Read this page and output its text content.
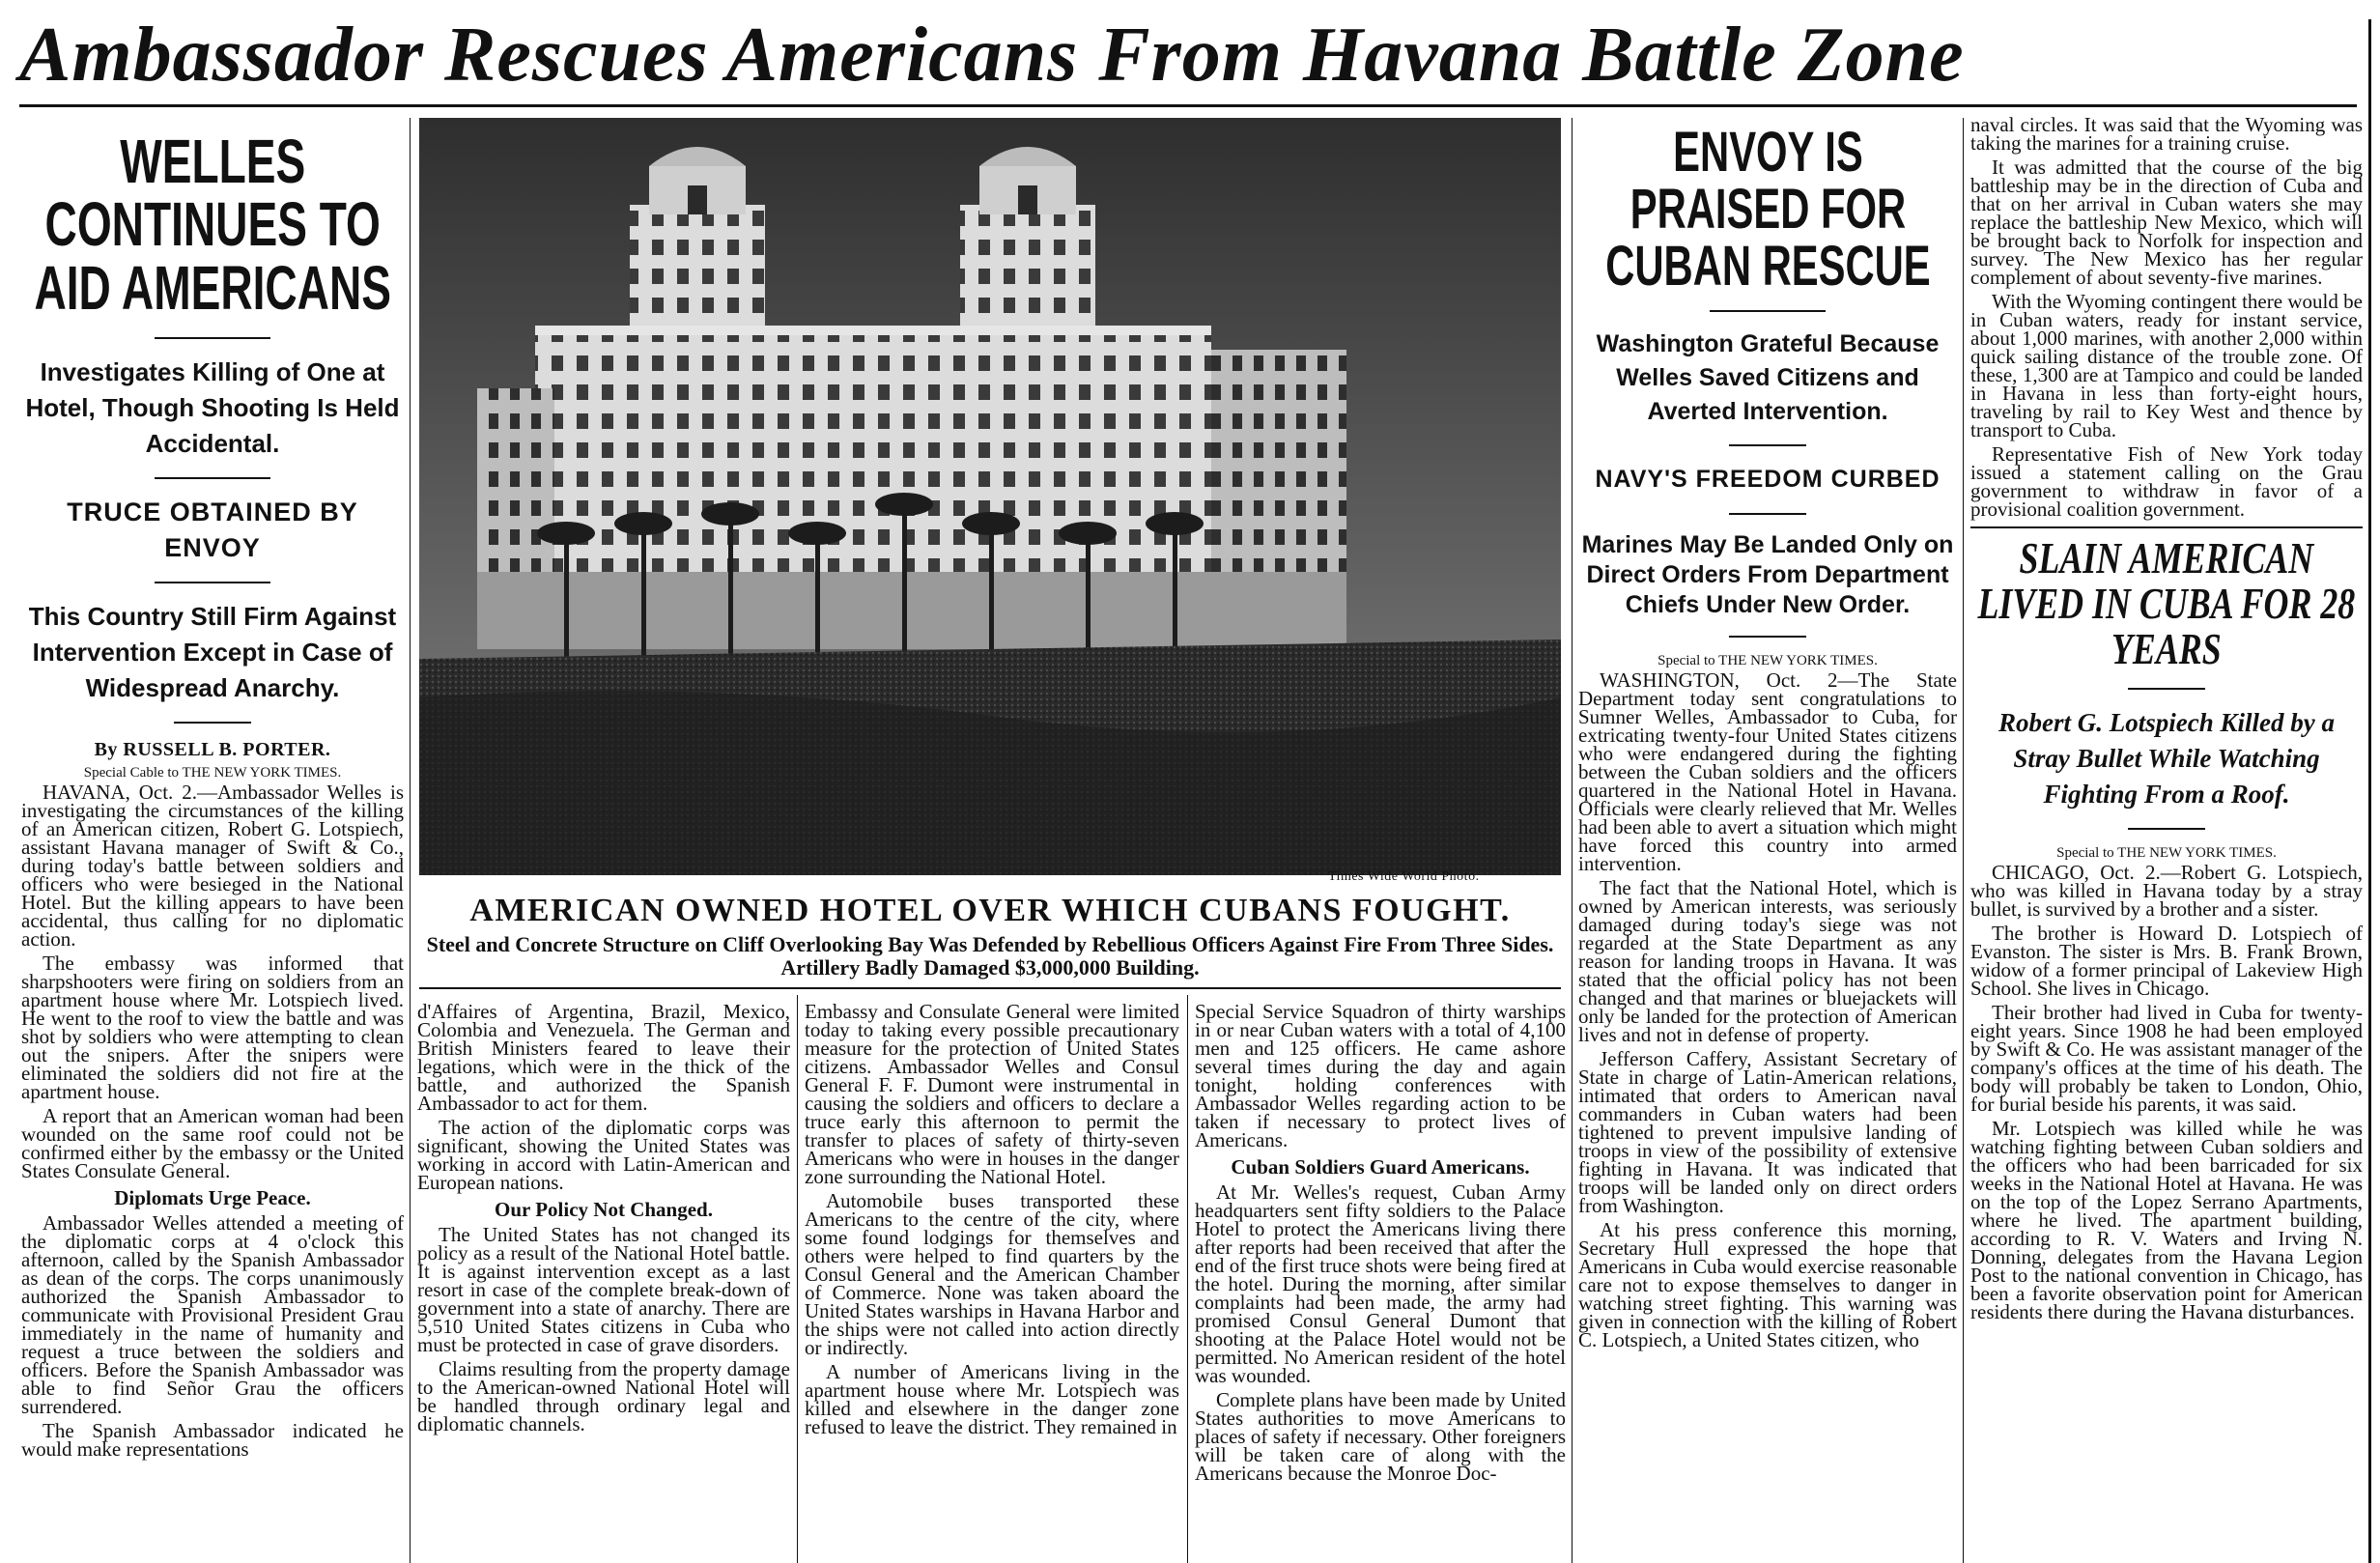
Ambassador Rescues Americans From Havana Battle Zone
WELLES CONTINUES TO AID AMERICANS
Investigates Killing of One at Hotel, Though Shooting Is Held Accidental.
TRUCE OBTAINED BY ENVOY
This Country Still Firm Against Intervention Except in Case of Widespread Anarchy.
By RUSSELL B. PORTER.
Special Cable to THE NEW YORK TIMES.

HAVANA, Oct. 2.—Ambassador Welles is investigating the circumstances of the killing of an American citizen, Robert G. Lotspiech, assistant Havana manager of Swift & Co., during today's battle between soldiers and officers who were besieged in the National Hotel. But the killing appears to have been accidental, thus calling for no diplomatic action.

The embassy was informed that sharpshooters were firing on soldiers from an apartment house where Mr. Lotspiech lived. He went to the roof to view the battle and was shot by soldiers who were attempting to clean out the snipers. After the snipers were eliminated the soldiers did not fire at the apartment house.

A report that an American woman had been wounded on the same roof could not be confirmed either by the embassy or the United States Consulate General.

Diplomats Urge Peace.

Ambassador Welles attended a meeting of the diplomatic corps at 4 o'clock this afternoon, called by the Spanish Ambassador as dean of the corps. The corps unanimously authorized the Spanish Ambassador to communicate with Provisional President Grau immediately in the name of humanity and request a truce between the soldiers and officers. Before the Spanish Ambassador was able to find Señor Grau the officers surrendered.

The Spanish Ambassador indicated he would make representations

Times Wide World Photo.
AMERICAN OWNED HOTEL OVER WHICH CUBANS FOUGHT.
Steel and Concrete Structure on Cliff Overlooking Bay Was Defended by Rebellious Officers Against Fire From Three Sides. Artillery Badly Damaged $3,000,000 Building.

d'Affaires of Argentina, Brazil, Mexico, Colombia and Venezuela. The German and British Ministers feared to leave their legations, which were in the thick of the battle, and authorized the Spanish Ambassador to act for them.

The action of the diplomatic corps was significant, showing the United States was working in accord with Latin-American and European nations.

Our Policy Not Changed.

The United States has not changed its policy as a result of the National Hotel battle. It is against intervention except as a last resort in case of the complete break-down of government into a state of anarchy. There are 5,510 United States citizens in Cuba who must be protected in case of grave disorders.

Claims resulting from the property damage to the American-owned National Hotel will be handled through ordinary legal and diplomatic channels.

Embassy and Consulate General were limited today to taking every possible precautionary measure for the protection of United States citizens. Ambassador Welles and Consul General F. F. Dumont were instrumental in causing the soldiers and officers to declare a truce early this afternoon to permit the transfer to places of safety of thirty-seven Americans who were in houses in the danger zone surrounding the National Hotel.

Automobile buses transported these Americans to the centre of the city, where some found lodgings for themselves and others were helped to find quarters by the Consul General and the American Chamber of Commerce. None was taken aboard the United States warships in Havana Harbor and the ships were not called into action directly or indirectly.

A number of Americans living in the apartment house where Mr. Lotspiech was killed and elsewhere in the danger zone refused to leave the district. They remained in

Special Service Squadron of thirty warships in or near Cuban waters with a total of 4,100 men and 125 officers. He came ashore several times during the day and again tonight, holding conferences with Ambassador Welles regarding action to be taken if necessary to protect lives of Americans.

Cuban Soldiers Guard Americans.

At Mr. Welles's request, Cuban Army headquarters sent fifty soldiers to the Palace Hotel to protect the Americans living there after reports had been received that after the end of the first truce shots were being fired at the hotel. During the morning, after similar complaints had been made, the army had promised Consul General Dumont that shooting at the Palace Hotel would not be permitted. No American resident of the hotel was wounded.

Complete plans have been made by United States authorities to move Americans to places of safety if necessary. Other foreigners will be taken care of along with the Americans because the Monroe Doc-

ENVOY IS PRAISED FOR CUBAN RESCUE
Washington Grateful Because Welles Saved Citizens and Averted Intervention.
NAVY'S FREEDOM CURBED
Marines May Be Landed Only on Direct Orders From Department Chiefs Under New Order.
Special to THE NEW YORK TIMES.

WASHINGTON, Oct. 2—The State Department today sent congratulations to Sumner Welles, Ambassador to Cuba, for extricating twenty-four United States citizens who were endangered during the fighting between the Cuban soldiers and the officers quartered in the National Hotel in Havana. Officials were clearly relieved that Mr. Welles had been able to avert a situation which might have forced this country into armed intervention.

The fact that the National Hotel, which is owned by American interests, was seriously damaged during today's siege was not regarded at the State Department as any reason for landing troops in Havana. It was stated that the official policy has not been changed and that marines or bluejackets will only be landed for the protection of American lives and not in defense of property.

Jefferson Caffery, Assistant Secretary of State in charge of Latin-American relations, intimated that orders to American naval commanders in Cuban waters had been tightened to prevent impulsive landing of troops in view of the possibility of extensive fighting in Havana. It was indicated that troops will be landed only on direct orders from Washington.

At his press conference this morning, Secretary Hull expressed the hope that Americans in Cuba would exercise reasonable care not to expose themselves to danger in watching street fighting. This warning was given in connection with the killing of Robert C. Lotspiech, a United States citizen, who

naval circles. It was said that the Wyoming was taking the marines for a training cruise.

It was admitted that the course of the big battleship may be in the direction of Cuba and that on her arrival in Cuban waters she may replace the battleship New Mexico, which will be brought back to Norfolk for inspection and survey. The New Mexico has her regular complement of about seventy-five marines.

With the Wyoming contingent there would be in Cuban waters, ready for instant service, about 1,000 marines, with another 2,000 within quick sailing distance of the trouble zone. Of these, 1,300 are at Tampico and could be landed in Havana in less than forty-eight hours, traveling by rail to Key West and thence by transport to Cuba.

Representative Fish of New York today issued a statement calling on the Grau government to withdraw in favor of a provisional coalition government.

SLAIN AMERICAN LIVED IN CUBA FOR 28 YEARS
Robert G. Lotspiech Killed by a Stray Bullet While Watching Fighting From a Roof.
Special to THE NEW YORK TIMES.

CHICAGO, Oct. 2.—Robert G. Lotspiech, who was killed in Havana today by a stray bullet, is survived by a brother and a sister.

The brother is Howard D. Lotspiech of Evanston. The sister is Mrs. B. Frank Brown, widow of a former principal of Lakeview High School. She lives in Chicago.

Their brother had lived in Cuba for twenty-eight years. Since 1908 he had been employed by Swift & Co. He was assistant manager of the company's offices at the time of his death. The body will probably be taken to London, Ohio, for burial beside his parents, it was said.

Mr. Lotspiech was killed while he was watching fighting between Cuban soldiers and the officers who had been barricaded for six weeks in the National Hotel at Havana. He was on the top of the Lopez Serrano Apartments, where he lived. The apartment building, according to R. V. Waters and Irving N. Donning, delegates from the Havana Legion Post to the national convention in Chicago, has been a favorite observation point for American residents there during the Havana disturbances.
